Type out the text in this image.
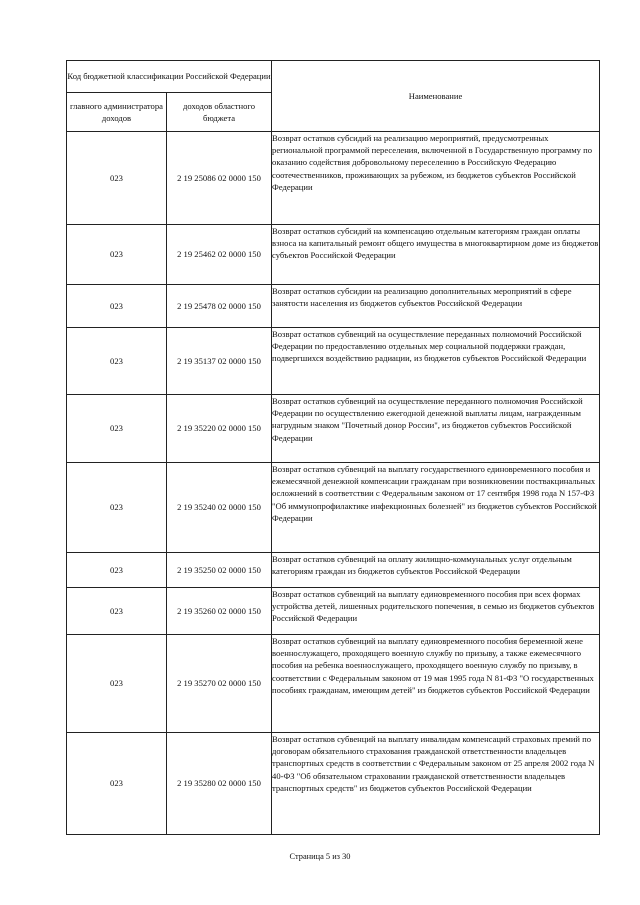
Код бюджетной классификации Российской Федерации		Наименование
главного администратора доходов	доходов областного бюджета	
023	2 19 25086 02 0000 150	Возврат остатков субсидий на реализацию мероприятий, предусмотренных региональной программой переселения, включенной в Государственную программу по оказанию содействия добровольному переселению в Российскую Федерацию соотечественников, проживающих за рубежом, из бюджетов субъектов Российской Федерации
023	2 19 25462 02 0000 150	Возврат остатков субсидий на компенсацию отдельным категориям граждан оплаты взноса на капитальный ремонт общего имущества в многоквартирном доме из бюджетов субъектов Российской Федерации
023	2 19 25478 02 0000 150	Возврат остатков субсидии на реализацию дополнительных мероприятий в сфере занятости населения из бюджетов субъектов Российской Федерации
023	2 19 35137 02 0000 150	Возврат остатков субвенций на осуществление переданных полномочий Российской Федерации по предоставлению отдельных мер социальной поддержки граждан, подвергшихся воздействию радиации, из бюджетов субъектов Российской Федерации
023	2 19 35220 02 0000 150	Возврат остатков субвенций на осуществление переданного полномочия Российской Федерации по осуществлению ежегодной денежной выплаты лицам, награжденным нагрудным знаком "Почетный донор России", из бюджетов субъектов Российской Федерации
023	2 19 35240 02 0000 150	Возврат остатков субвенций на выплату государственного единовременного пособия и ежемесячной денежной компенсации гражданам при возникновении поствакцинальных осложнений в соответствии с Федеральным законом от 17 сентября 1998 года N 157-ФЗ "Об иммунопрофилактике инфекционных болезней" из бюджетов субъектов Российской Федерации
023	2 19 35250 02 0000 150	Возврат остатков субвенций на оплату жилищно-коммунальных услуг отдельным категориям граждан из бюджетов субъектов Российской Федерации
023	2 19 35260 02 0000 150	Возврат остатков субвенций на выплату единовременного пособия при всех формах устройства детей, лишенных родительского попечения, в семью из бюджетов субъектов Российской Федерации
023	2 19 35270 02 0000 150	Возврат остатков субвенций на выплату единовременного пособия беременной жене военнослужащего, проходящего военную службу по призыву, а также ежемесячного пособия на ребенка военнослужащего, проходящего военную службу по призыву, в соответствии с Федеральным законом от 19 мая 1995 года N 81-ФЗ "О государственных пособиях гражданам, имеющим детей" из бюджетов субъектов Российской Федерации
023	2 19 35280 02 0000 150	Возврат остатков субвенций на выплату инвалидам компенсаций страховых премий по договорам обязательного страхования гражданской ответственности владельцев транспортных средств в соответствии с Федеральным законом от 25 апреля 2002 года N 40-ФЗ "Об обязательном страховании гражданской ответственности владельцев транспортных средств" из бюджетов субъектов Российской Федерации
Страница 5 из 30
